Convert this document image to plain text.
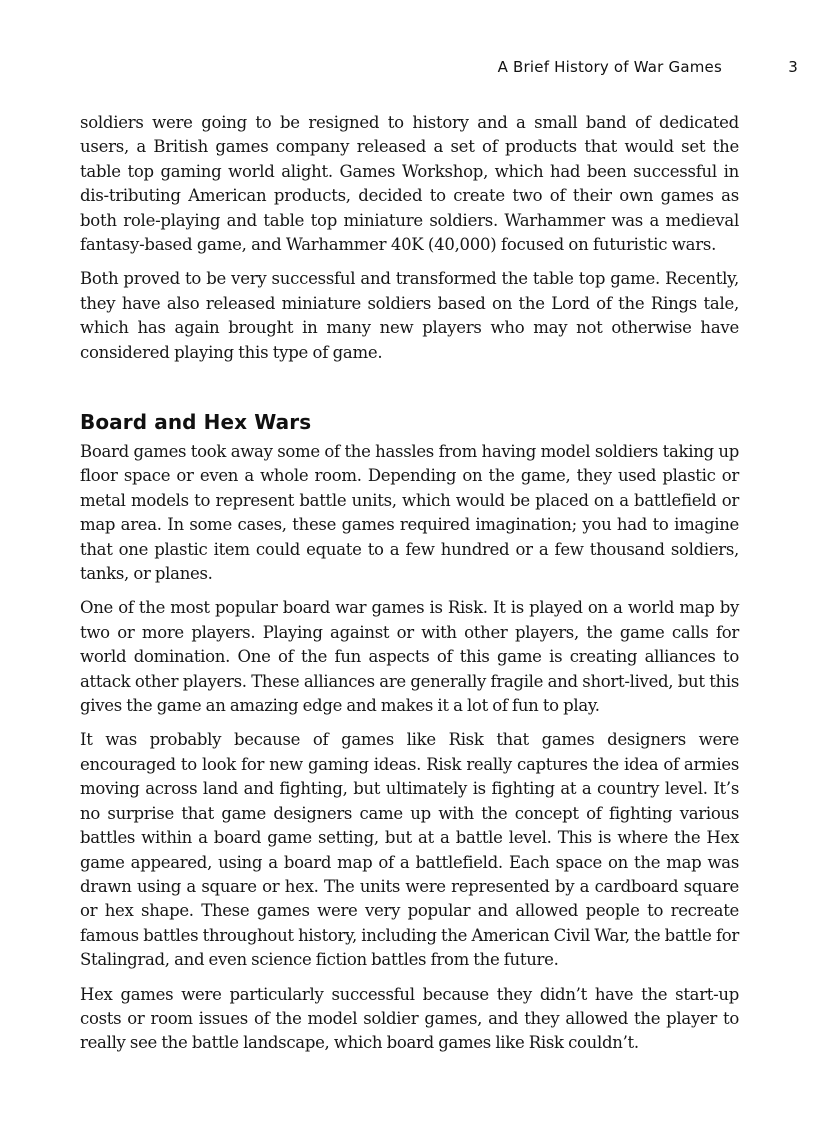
A Brief History of War Games	3

soldiers were going to be resigned to history and a small band of dedicated users, a British games company released a set of products that would set the table top gaming world alight. Games Workshop, which had been successful in dis-tributing American products, decided to create two of their own games as both role-playing and table top miniature soldiers. Warhammer was a medieval fantasy-based game, and Warhammer 40K (40,000) focused on futuristic wars.

Both proved to be very successful and transformed the table top game. Recently, they have also released miniature soldiers based on the Lord of the Rings tale, which has again brought in many new players who may not otherwise have considered playing this type of game.

Board and Hex Wars

Board games took away some of the hassles from having model soldiers taking up floor space or even a whole room. Depending on the game, they used plastic or metal models to represent battle units, which would be placed on a battlefield or map area. In some cases, these games required imagination; you had to imagine that one plastic item could equate to a few hundred or a few thousand soldiers, tanks, or planes.

One of the most popular board war games is Risk. It is played on a world map by two or more players. Playing against or with other players, the game calls for world domination. One of the fun aspects of this game is creating alliances to attack other players. These alliances are generally fragile and short-lived, but this gives the game an amazing edge and makes it a lot of fun to play.

It was probably because of games like Risk that games designers were encouraged to look for new gaming ideas. Risk really captures the idea of armies moving across land and fighting, but ultimately is fighting at a country level. It’s no surprise that game designers came up with the concept of fighting various battles within a board game setting, but at a battle level. This is where the Hex game appeared, using a board map of a battlefield. Each space on the map was drawn using a square or hex. The units were represented by a cardboard square or hex shape. These games were very popular and allowed people to recreate famous battles throughout history, including the American Civil War, the battle for Stalingrad, and even science fiction battles from the future.

Hex games were particularly successful because they didn’t have the start-up costs or room issues of the model soldier games, and they allowed the player to really see the battle landscape, which board games like Risk couldn’t.
